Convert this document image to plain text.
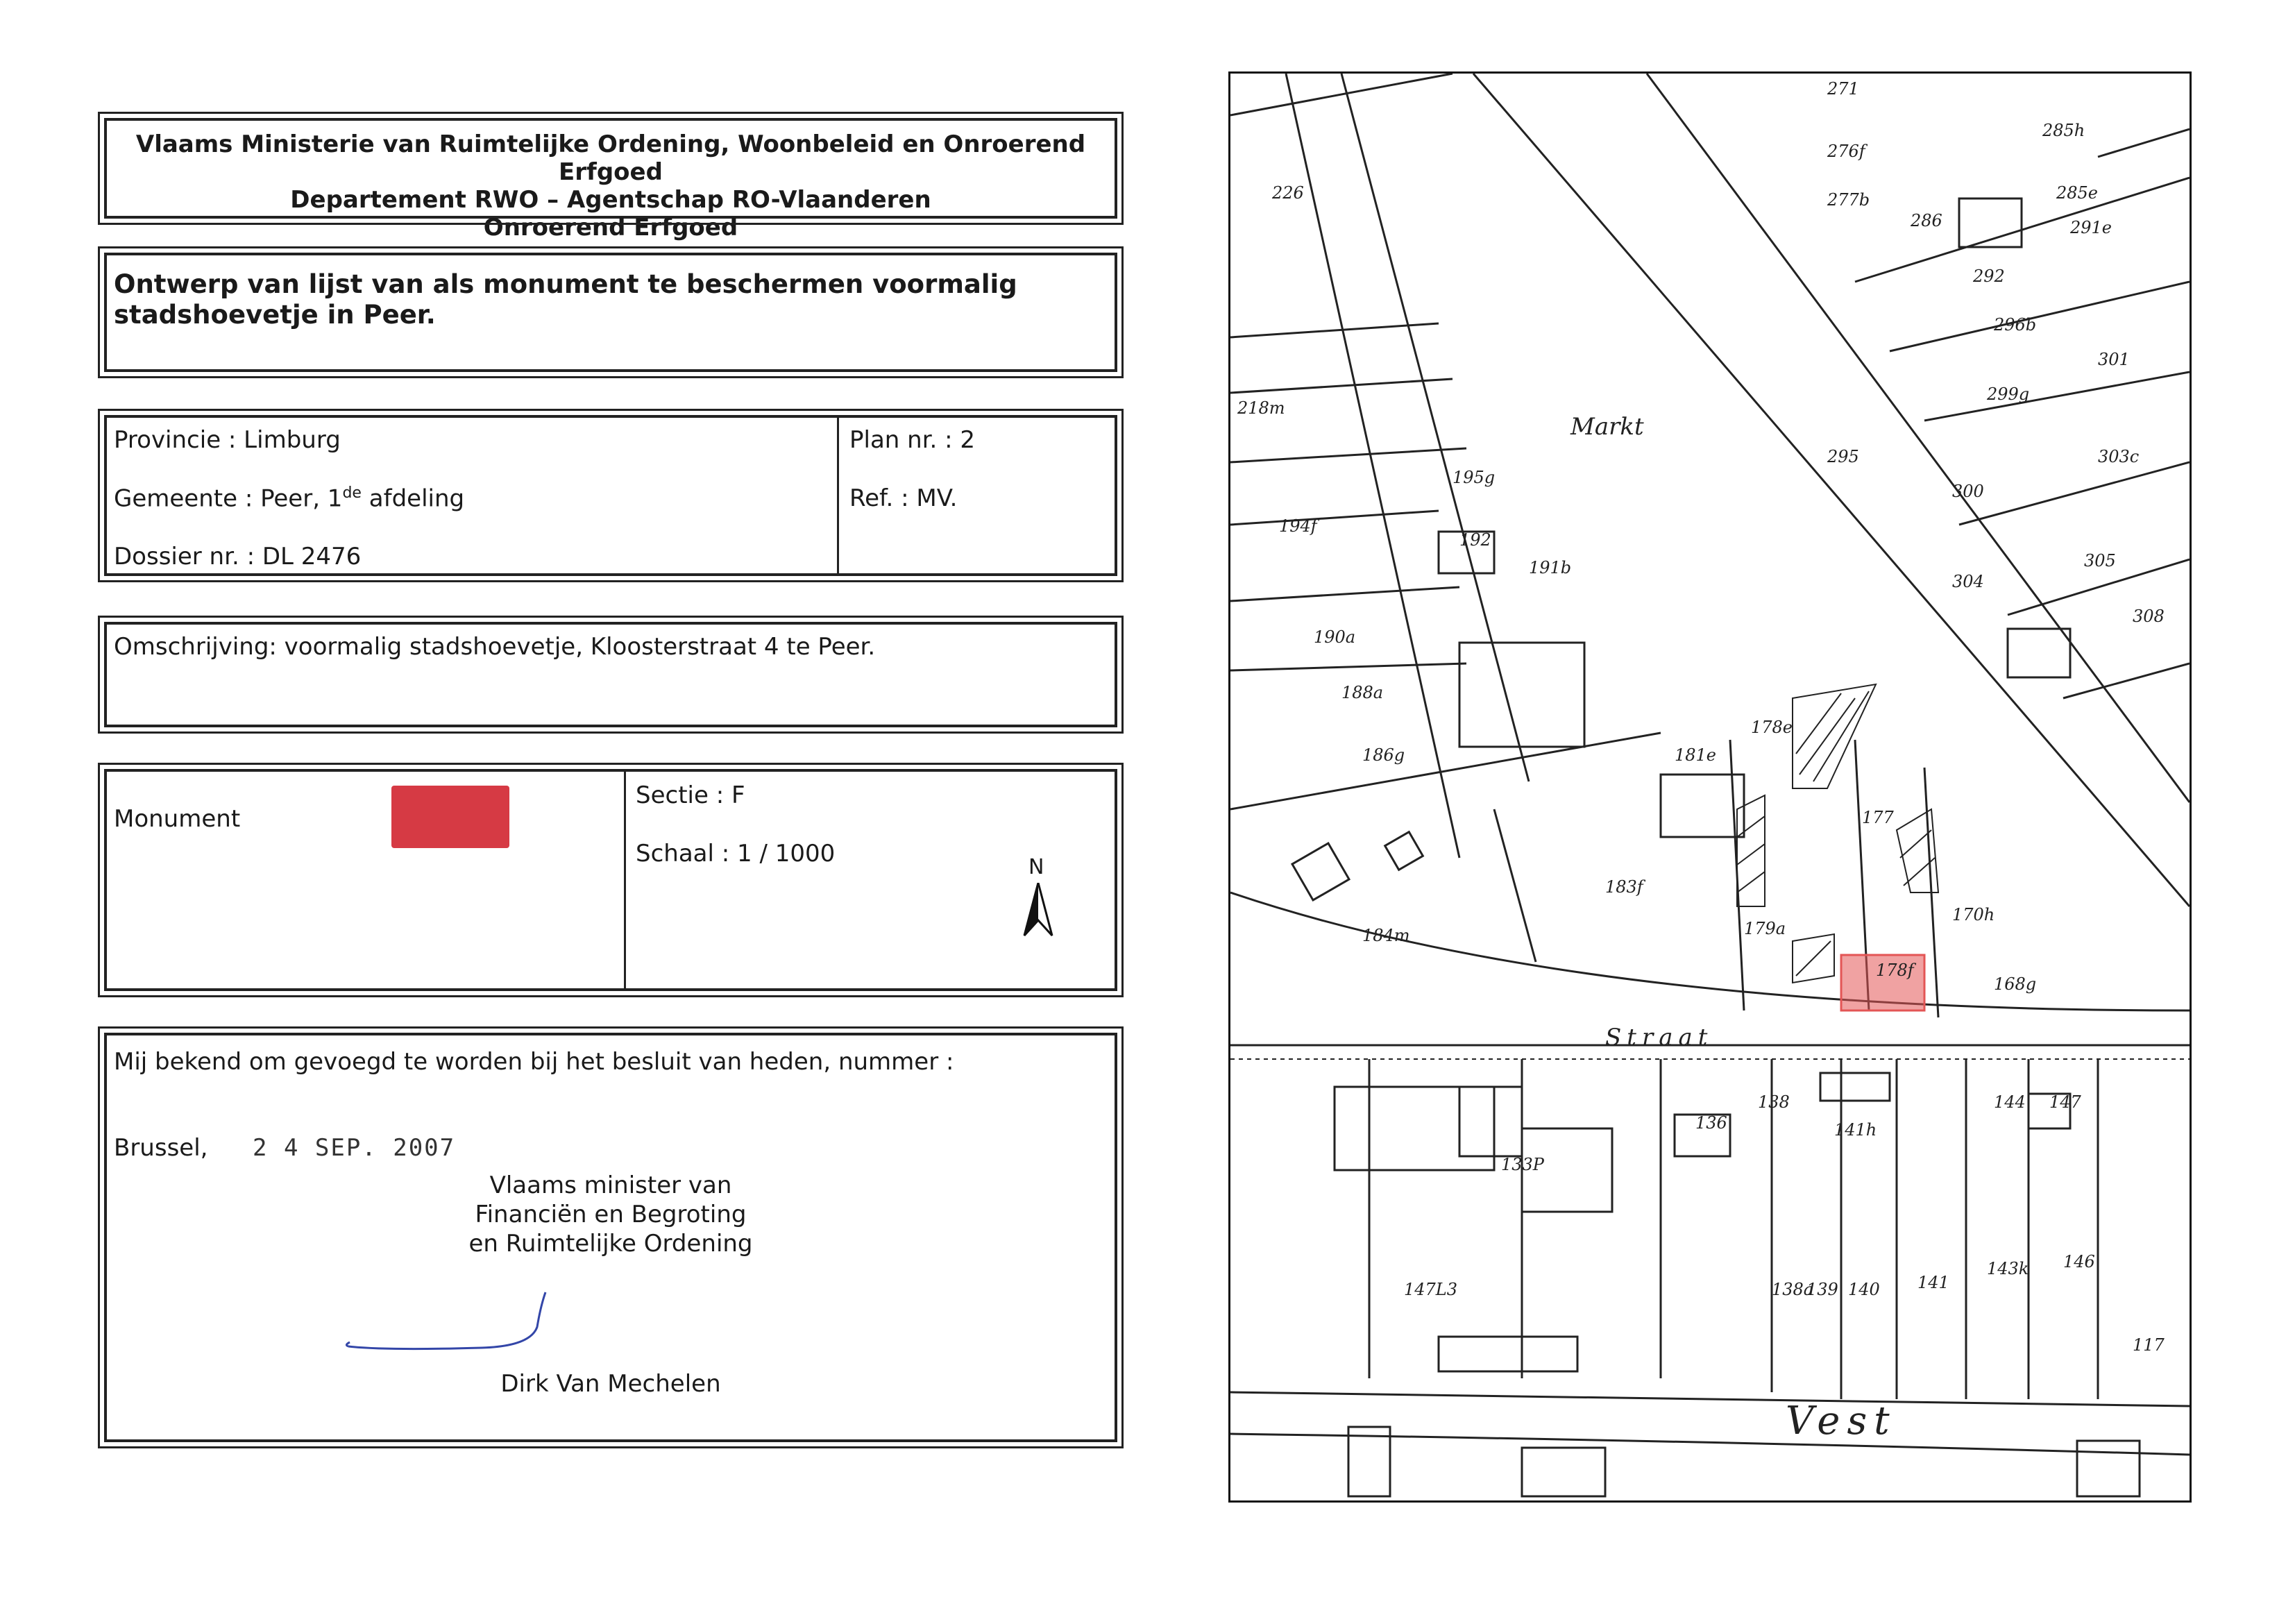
Vlaams Ministerie van Ruimtelijke Ordening, Woonbeleid en Onroerend Erfgoed
Departement RWO – Agentschap RO-Vlaanderen
Onroerend Erfgoed
Ontwerp van lijst van als monument te beschermen voormalig stadshoevetje in Peer.
Provincie : Limburg
Gemeente : Peer, 1de afdeling
Dossier nr. : DL 2476
Plan nr. : 2
Ref. : MV.
Omschrijving: voormalig stadshoevetje, Kloosterstraat 4 te Peer.
Monument
Sectie : F
Schaal : 1 / 1000	N
Mij bekend om gevoegd te worden bij het besluit van heden, nummer :
Brussel, 2 4 SEP. 2007
Vlaams minister van
Financiën en Begroting
en Ruimtelijke Ordening
Dirk Van Mechelen
Markt
Straat
Vest
271
276f
285h
226	277b
286
285e
291e
292
296b
301
218m
299g
295
300
303c
195g
194f
192
191b
304
305
308
190a
188a
186g	181e
178e
177
179a
183f
184m
170h
178f
168g
136
138
141h
144 147
133P
141
143k
140
139
138a
146
117
147L3
